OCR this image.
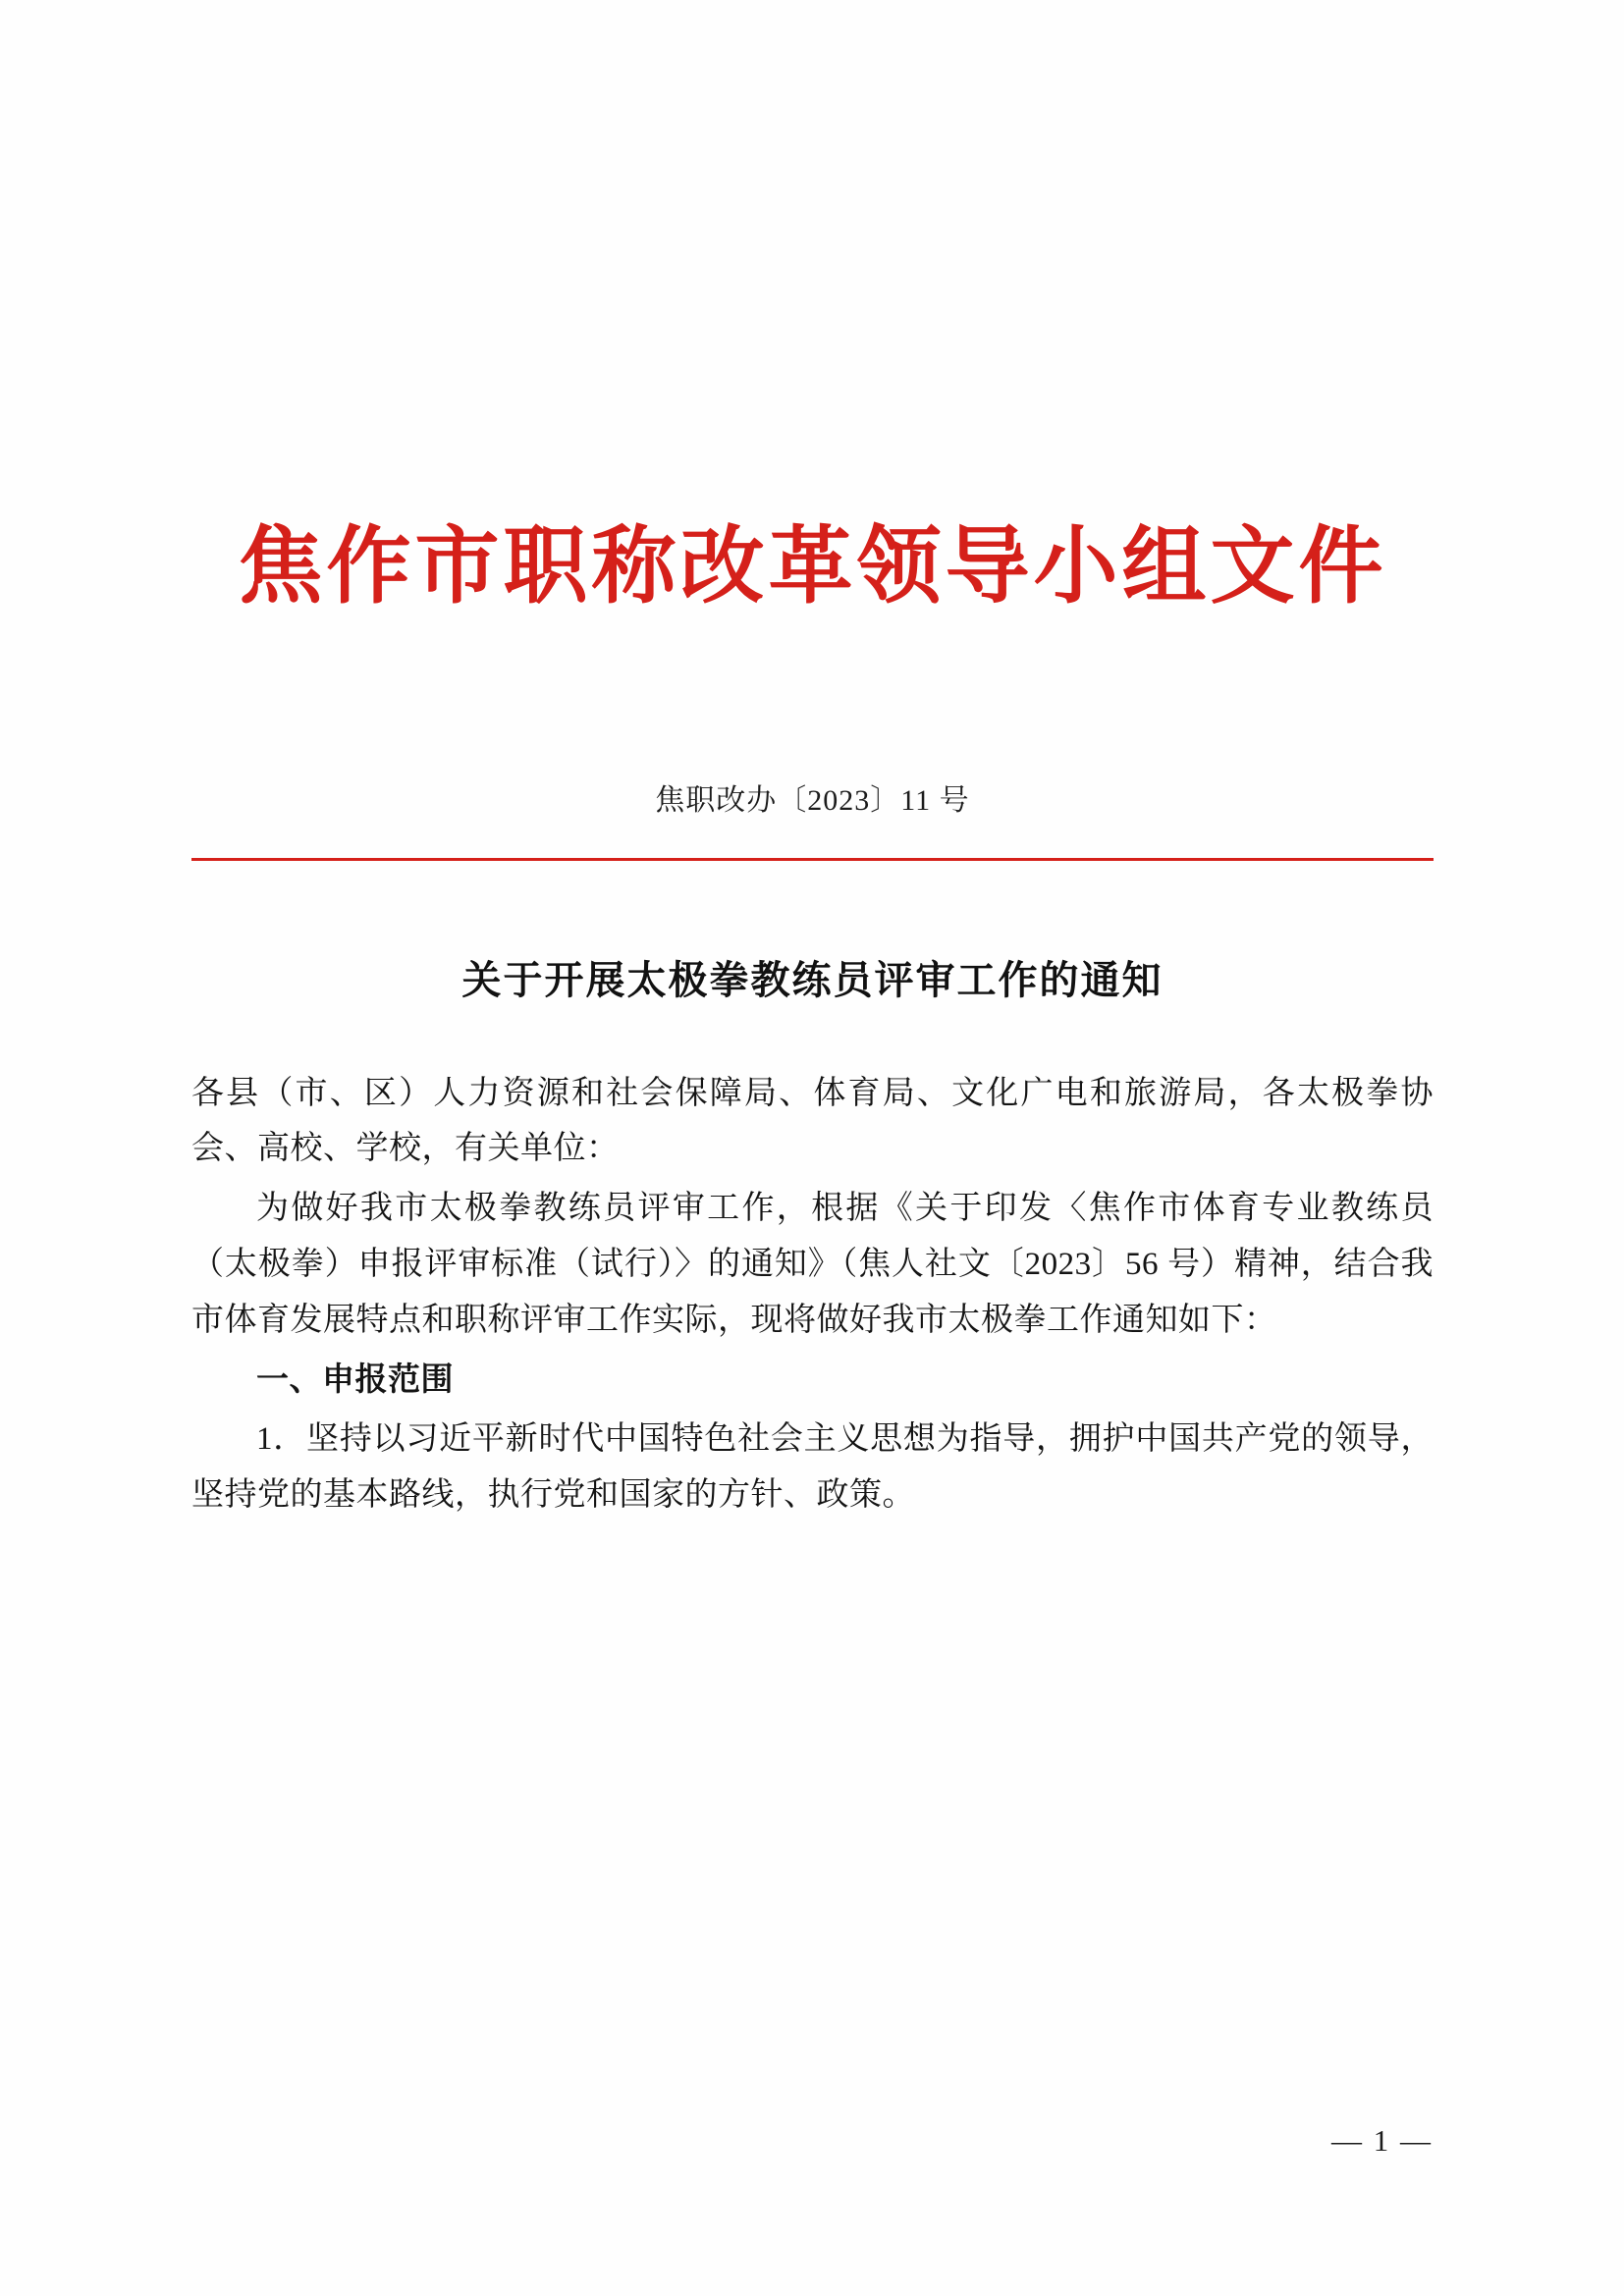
焦作市职称改革领导小组文件
焦职改办〔2023〕11 号
关于开展太极拳教练员评审工作的通知

各县（市、区）人力资源和社会保障局、体育局、文化广电和旅游局，各太极拳协会、高校、学校，有关单位：

为做好我市太极拳教练员评审工作，根据《关于印发〈焦作市体育专业教练员（太极拳）申报评审标准（试行）〉的通知》（焦人社文〔2023〕56 号）精神，结合我市体育发展特点和职称评审工作实际，现将做好我市太极拳工作通知如下：

一、申报范围

1．坚持以习近平新时代中国特色社会主义思想为指导，拥护中国共产党的领导，坚持党的基本路线，执行党和国家的方针、政策。

— 1 —
